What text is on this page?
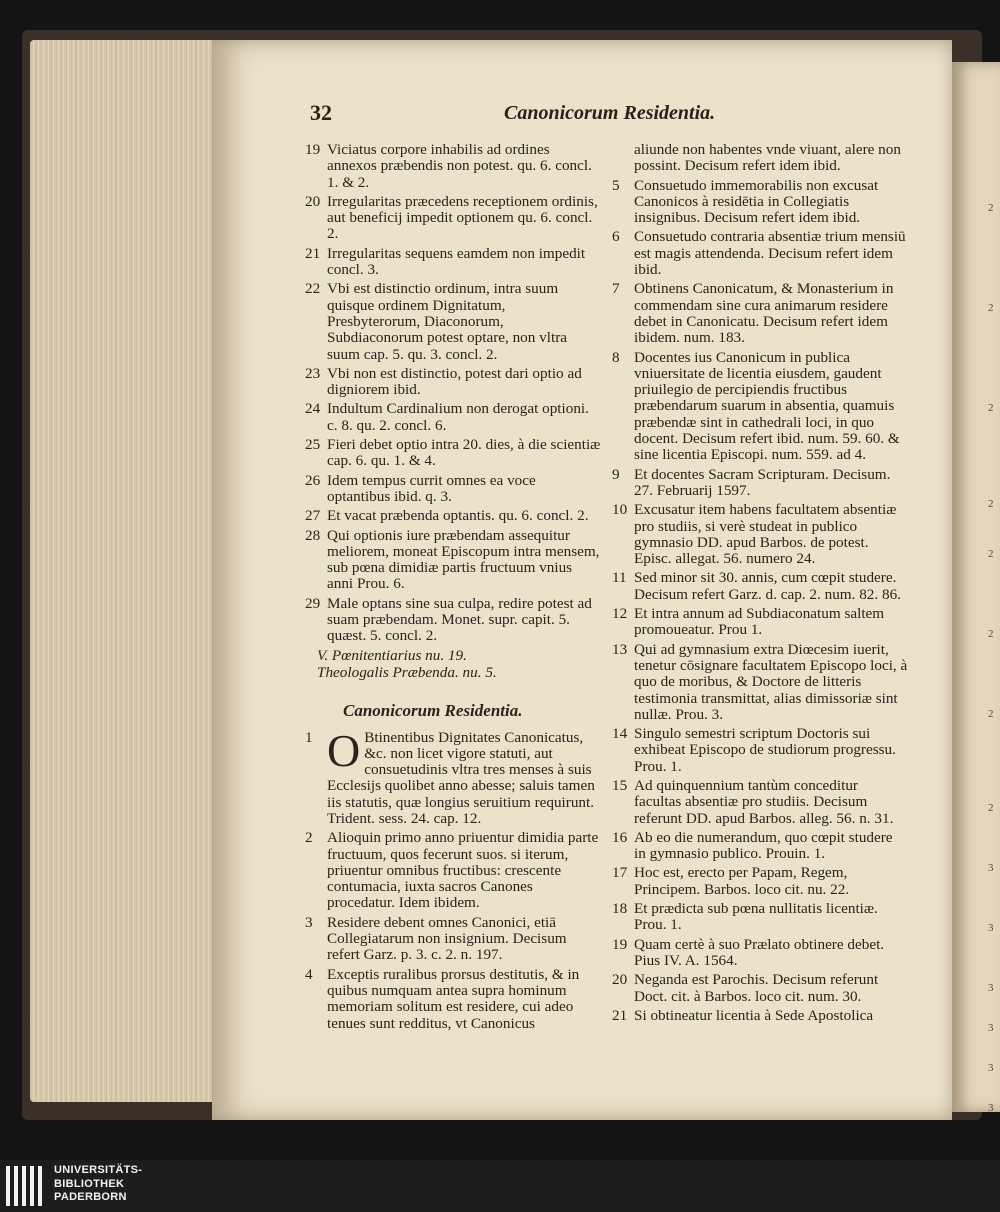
2
2
2
2
2
2
2
2
3
3
3
3
3
3
32	Canonicorum Residentia.
19 Viciatus corpore inhabilis ad ordines annexos præbendis non potest. qu. 6. concl. 1. & 2.
20 Irregularitas præcedens receptionem ordinis, aut beneficij impedit optionem qu. 6. concl. 2.
21 Irregularitas sequens eamdem non impedit concl. 3.
22 Vbi est distinctio ordinum, intra suum quisque ordinem Dignitatum, Presbyterorum, Diaconorum, Subdiaconorum potest optare, non vltra suum cap. 5. qu. 3. concl. 2.
23 Vbi non est distinctio, potest dari optio ad digniorem ibid.
24 Indultum Cardinalium non derogat optioni. c. 8. qu. 2. concl. 6.
25 Fieri debet optio intra 20. dies, à die scientiæ cap. 6. qu. 1. & 4.
26 Idem tempus currit omnes ea voce optantibus ibid. q. 3.
27 Et vacat præbenda optantis. qu. 6. concl. 2.
28 Qui optionis iure præbendam assequitur meliorem, moneat Episcopum intra mensem, sub pœna dimidiæ partis fructuum vnius anni Prou. 6.
29 Male optans sine sua culpa, redire potest ad suam præbendam. Monet. supr. capit. 5. quæst. 5. concl. 2.
V. Pœnitentiarius nu. 19.
Theologalis Præbenda. nu. 5.
Canonicorum Residentia.
1 O Btinentibus Dignitates Canonicatus, &c. non licet vigore statuti, aut consuetudinis vltra tres menses à suis Ecclesijs quolibet anno abesse; saluis tamen iis statutis, quæ longius seruitium requirunt. Trident. sess. 24. cap. 12.
2 Alioquin primo anno priuentur dimidia parte fructuum, quos fecerunt suos. si iterum, priuentur omnibus fructibus: crescente contumacia, iuxta sacros Canones procedatur. Idem ibidem.
3 Residere debent omnes Canonici, etiā Collegiatarum non insignium. Decisum refert Garz. p. 3. c. 2. n. 197.
4 Exceptis ruralibus prorsus destitutis, & in quibus numquam antea supra hominum memoriam solitum est residere, cui adeo tenues sunt redditus, vt Canonicus
aliunde non habentes vnde viuant, alere non possint. Decisum refert idem ibid.
5 Consuetudo immemorabilis non excusat Canonicos à residētia in Collegiatis insignibus. Decisum refert idem ibid.
6 Consuetudo contraria absentiæ trium mensiū est magis attendenda. Decisum refert idem ibid.
7 Obtinens Canonicatum, & Monasterium in commendam sine cura animarum residere debet in Canonicatu. Decisum refert idem ibidem. num. 183.
8 Docentes ius Canonicum in publica vniuersitate de licentia eiusdem, gaudent priuilegio de percipiendis fructibus præbendarum suarum in absentia, quamuis præbendæ sint in cathedrali loci, in quo docent. Decisum refert ibid. num. 59. 60. & sine licentia Episcopi. num. 559. ad 4.
9 Et docentes Sacram Scripturam. Decisum. 27. Februarij 1597.
10 Excusatur item habens facultatem absentiæ pro studiis, si verè studeat in publico gymnasio DD. apud Barbos. de potest. Episc. allegat. 56. numero 24.
11 Sed minor sit 30. annis, cum cœpit studere. Decisum refert Garz. d. cap. 2. num. 82. 86.
12 Et intra annum ad Subdiaconatum saltem promoueatur. Prou 1.
13 Qui ad gymnasium extra Diœcesim iuerit, tenetur cōsignare facultatem Episcopo loci, à quo de moribus, & Doctore de litteris testimonia transmittat, alias dimissoriæ sint nullæ. Prou. 3.
14 Singulo semestri scriptum Doctoris sui exhibeat Episcopo de studiorum progressu. Prou. 1.
15 Ad quinquennium tantùm conceditur facultas absentiæ pro studiis. Decisum referunt DD. apud Barbos. alleg. 56. n. 31.
16 Ab eo die numerandum, quo cœpit studere in gymnasio publico. Prouin. 1.
17 Hoc est, erecto per Papam, Regem, Principem. Barbos. loco cit. nu. 22.
18 Et prædicta sub pœna nullitatis licentiæ. Prou. 1.
19 Quam certè à suo Prælato obtinere debet. Pius IV. A. 1564.
20 Neganda est Parochis. Decisum referunt Doct. cit. à Barbos. loco cit. num. 30.
21 Si obtineatur licentia à Sede Apostolica
UNIVERSITÄTS-
BIBLIOTHEK
PADERBORN
